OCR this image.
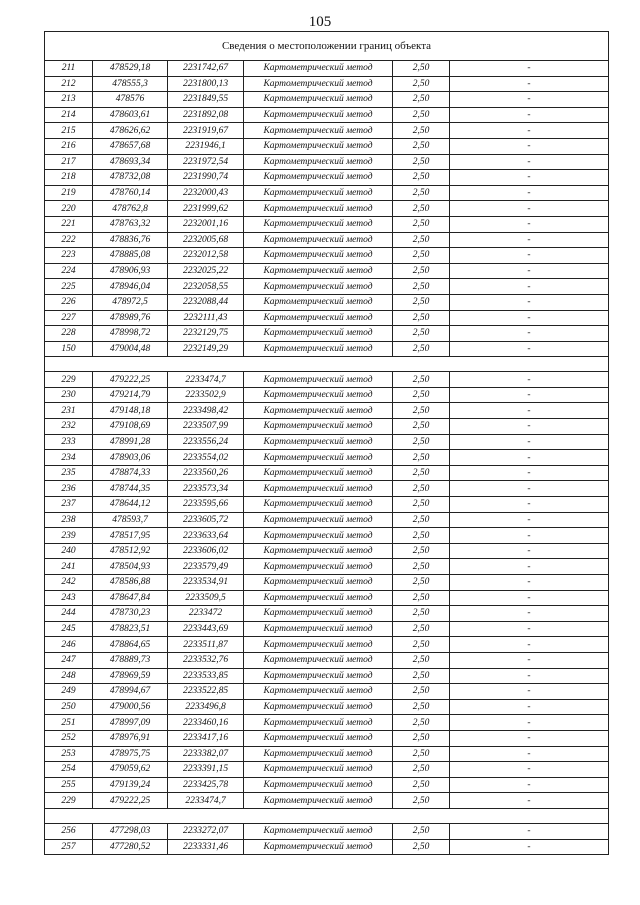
105
Сведения о местоположении границ объекта					
211	478529,18	2231742,67	Картометрический метод	2,50	-
212	478555,3	2231800,13	Картометрический метод	2,50	-
213	478576	2231849,55	Картометрический метод	2,50	-
214	478603,61	2231892,08	Картометрический метод	2,50	-
215	478626,62	2231919,67	Картометрический метод	2,50	-
216	478657,68	2231946,1	Картометрический метод	2,50	-
217	478693,34	2231972,54	Картометрический метод	2,50	-
218	478732,08	2231990,74	Картометрический метод	2,50	-
219	478760,14	2232000,43	Картометрический метод	2,50	-
220	478762,8	2231999,62	Картометрический метод	2,50	-
221	478763,32	2232001,16	Картометрический метод	2,50	-
222	478836,76	2232005,68	Картометрический метод	2,50	-
223	478885,08	2232012,58	Картометрический метод	2,50	-
224	478906,93	2232025,22	Картометрический метод	2,50	-
225	478946,04	2232058,55	Картометрический метод	2,50	-
226	478972,5	2232088,44	Картометрический метод	2,50	-
227	478989,76	2232111,43	Картометрический метод	2,50	-
228	478998,72	2232129,75	Картометрический метод	2,50	-
150	479004,48	2232149,29	Картометрический метод	2,50	-

229	479222,25	2233474,7	Картометрический метод	2,50	-
230	479214,79	2233502,9	Картометрический метод	2,50	-
231	479148,18	2233498,42	Картометрический метод	2,50	-
232	479108,69	2233507,99	Картометрический метод	2,50	-
233	478991,28	2233556,24	Картометрический метод	2,50	-
234	478903,06	2233554,02	Картометрический метод	2,50	-
235	478874,33	2233560,26	Картометрический метод	2,50	-
236	478744,35	2233573,34	Картометрический метод	2,50	-
237	478644,12	2233595,66	Картометрический метод	2,50	-
238	478593,7	2233605,72	Картометрический метод	2,50	-
239	478517,95	2233633,64	Картометрический метод	2,50	-
240	478512,92	2233606,02	Картометрический метод	2,50	-
241	478504,93	2233579,49	Картометрический метод	2,50	-
242	478586,88	2233534,91	Картометрический метод	2,50	-
243	478647,84	2233509,5	Картометрический метод	2,50	-
244	478730,23	2233472	Картометрический метод	2,50	-
245	478823,51	2233443,69	Картометрический метод	2,50	-
246	478864,65	2233511,87	Картометрический метод	2,50	-
247	478889,73	2233532,76	Картометрический метод	2,50	-
248	478969,59	2233533,85	Картометрический метод	2,50	-
249	478994,67	2233522,85	Картометрический метод	2,50	-
250	479000,56	2233496,8	Картометрический метод	2,50	-
251	478997,09	2233460,16	Картометрический метод	2,50	-
252	478976,91	2233417,16	Картометрический метод	2,50	-
253	478975,75	2233382,07	Картометрический метод	2,50	-
254	479059,62	2233391,15	Картометрический метод	2,50	-
255	479139,24	2233425,78	Картометрический метод	2,50	-
229	479222,25	2233474,7	Картометрический метод	2,50	-

256	477298,03	2233272,07	Картометрический метод	2,50	-
257	477280,52	2233331,46	Картометрический метод	2,50	-
